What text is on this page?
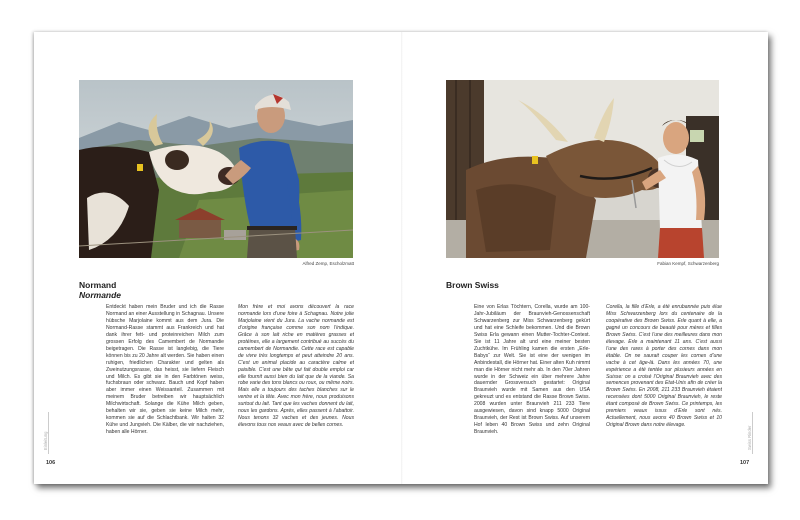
Alfred Zemp, Escholzmatt
Normand
Normande
Entdeckt haben mein Bruder und ich die Rasse Normand an einer Ausstellung in Schagnau. Unsere hübsche Marjolaine kommt aus dem Jura. Die Normand-Rasse stammt aus Frankreich und hat dank ihrer fett- und proteinreichen Milch zum grossen Erfolg des Camembert de Normandie beigetragen. Die Rasse ist langlebig, die Tiere können bis zu 20 Jahre alt werden. Sie haben einen ruhigen, friedlichen Charakter und gelten als Zweinutzungsrasse, das heisst, sie liefern Fleisch und Milch. Es gibt sie in den Farbtönen weiss, fuchsbraun oder schwarz. Bauch und Kopf haben aber immer einen Weissanteil. Zusammen mit meinem Bruder betreiben wir hauptsächlich Milchwirtschaft. Solange die Kühe Milch geben, behalten wir sie, geben sie keine Milch mehr, kommen sie auf die Schlachtbank. Wir halten 32 Kühe und Jungvieh. Die Kälber, die wir nachziehen, haben alle Hörner.
Mon frère et moi avons découvert la race normande lors d’une foire à Schagnau. Notre jolie Marjolaine vient du Jura. La vache normande est d’origine française comme son nom l’indique. Grâce à son lait riche en matières grasses et protéines, elle a largement contribué au succès du camembert de Normandie. Cette race est capable de vivre très longtemps et peut atteindre 20 ans. C’est un animal placide au caractère calme et paisible. C’est une bête qui fait double emploi car elle fournit aussi bien du lait que de la viande. Sa robe varie des tons blancs ou roux, ou même noirs. Mais elle a toujours des taches blanches sur le ventre et la tête. Avec mon frère, nous produisons surtout du lait. Tant que les vaches donnent du lait, nous les gardons. Après, elles passent à l’abattoir. Nous tenons 32 vaches et des jeunes. Nous élevons tous nos veaux avec de belles cornes.
106
Einleitung
Fabian Kempf, Schwarzenberg
Brown Swiss
Eine von Erlas Töchtern, Corella, wurde am 100-Jahr-Jubiläum der Braunvieh-Genossenschaft Schwarzenberg zur Miss Schwarzenberg gekürt und hat eine Schleife bekommen. Und die Brown Swiss Erla gewann einen Mutter-Tochter-Contest. Sie ist 11 Jahre alt und eine meiner besten Zuchtkühe. Im Frühling kamen die ersten „Erle-Babys“ zur Welt. Sie ist eine der wenigen im Anbindestall, die Hörner hat. Einer alten Kuh nimmt man die Hörner nicht mehr ab. In den 70er Jahren wurde in der Schweiz ein über mehrere Jahre dauernder Grossversuch gestartet: Original Braunvieh wurde mit Samen aus den USA gekreuzt und es entstand die Rasse Brown Swiss. 2008 wurden unter Braunvieh 211 233 Tiere ausgewiesen, davon sind knapp 5000 Original Braunvieh, der Rest ist Brown Swiss. Auf unserem Hof leben 40 Brown Swiss und zehn Original Braunvieh.
Corella, la fille d’Erle, a été enrubannée puis élue Miss Schwarzenberg lors du centenaire de la coopérative des Brown Swiss. Erle quant à elle, a gagné un concours de beauté pour mères et filles Brown Swiss. C’est l’une des meilleures dans mon élevage. Erle a maintenant 11 ans. C’est aussi l’une des rares à porter des cornes dans mon étable. On ne saurait couper les cornes d’une vache à cet âge-là. Dans les années 70, une expérience a été tentée sur plusieurs années en Suisse: on a croisé l’Original Braunvieh avec des semences provenant des Etat-Unis afin de créer la Brown Swiss. En 2008, 211 233 Braunvieh étaient recensées dont 5000 Original Braunvieh, le reste étant composé de Brown Swiss. Ce printemps, les premiers veaux issus d’Erle sont nés. Actuellement, nous avons 40 Brown Swiss et 10 Original Brown dans notre élevage.
107
Swiss Rinder
